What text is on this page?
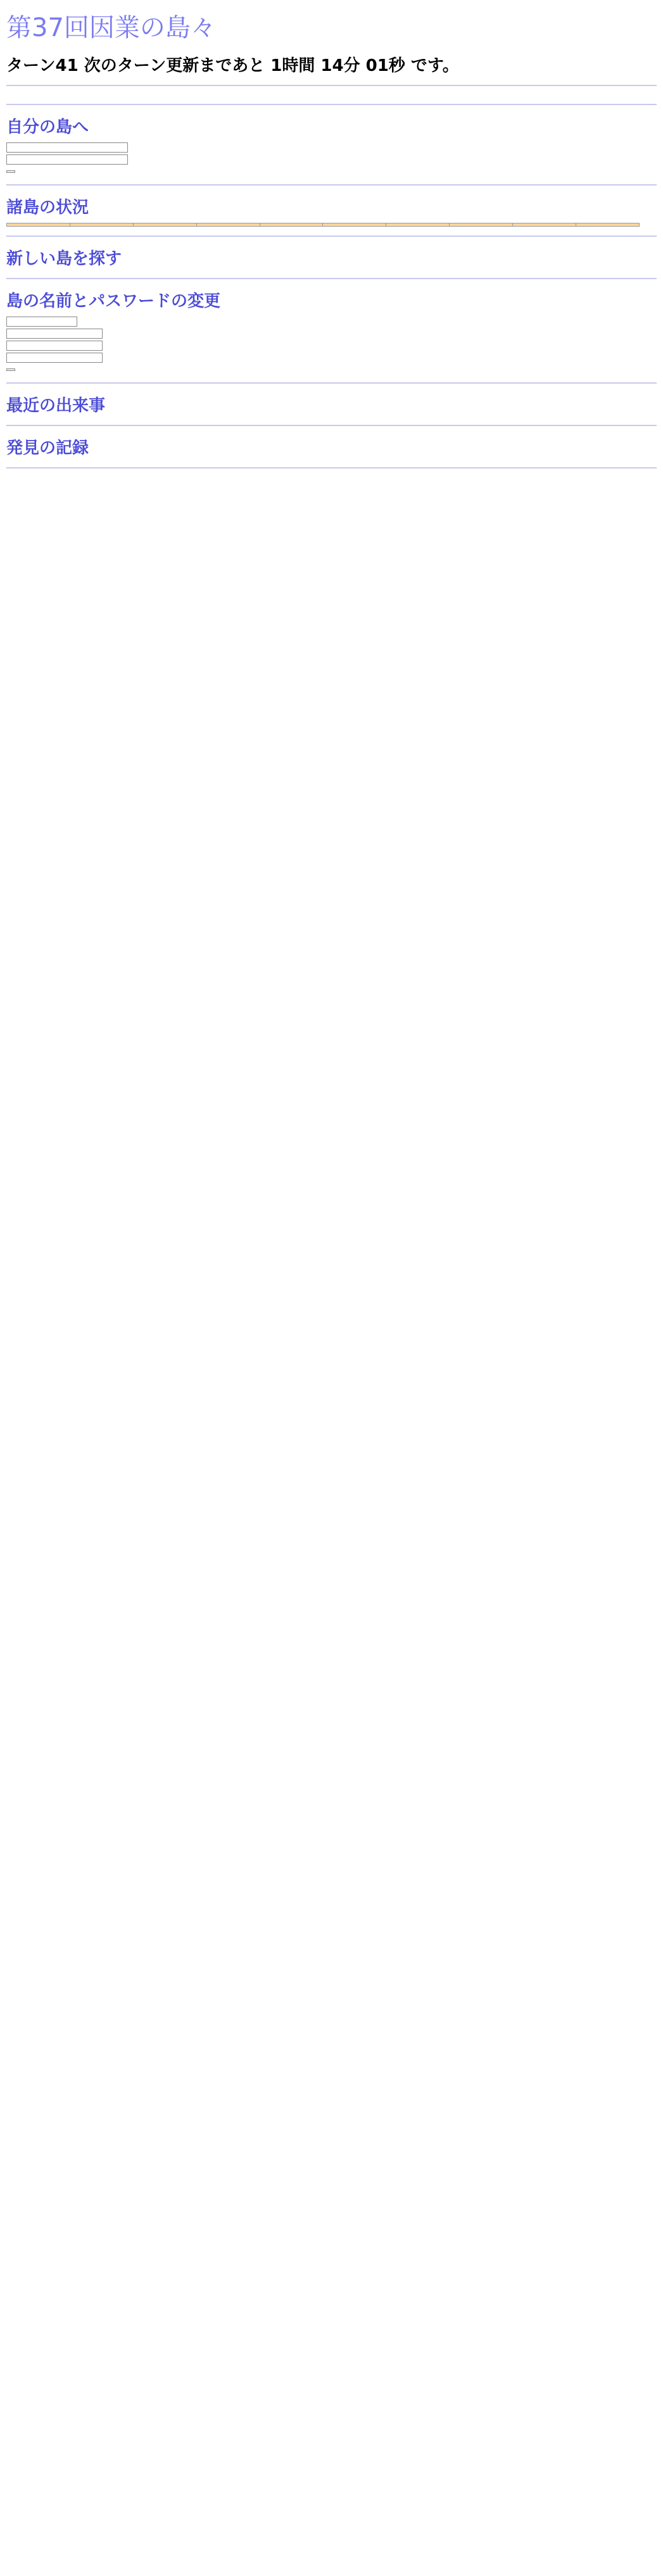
第37回因業の島々
ターン41 次のターン更新まであと 1時間 14分 01秒 です。

自分の島へ
諸島の状況

新しい島を探す
島の名前とパスワードの変更
最近の出来事
発見の記録
